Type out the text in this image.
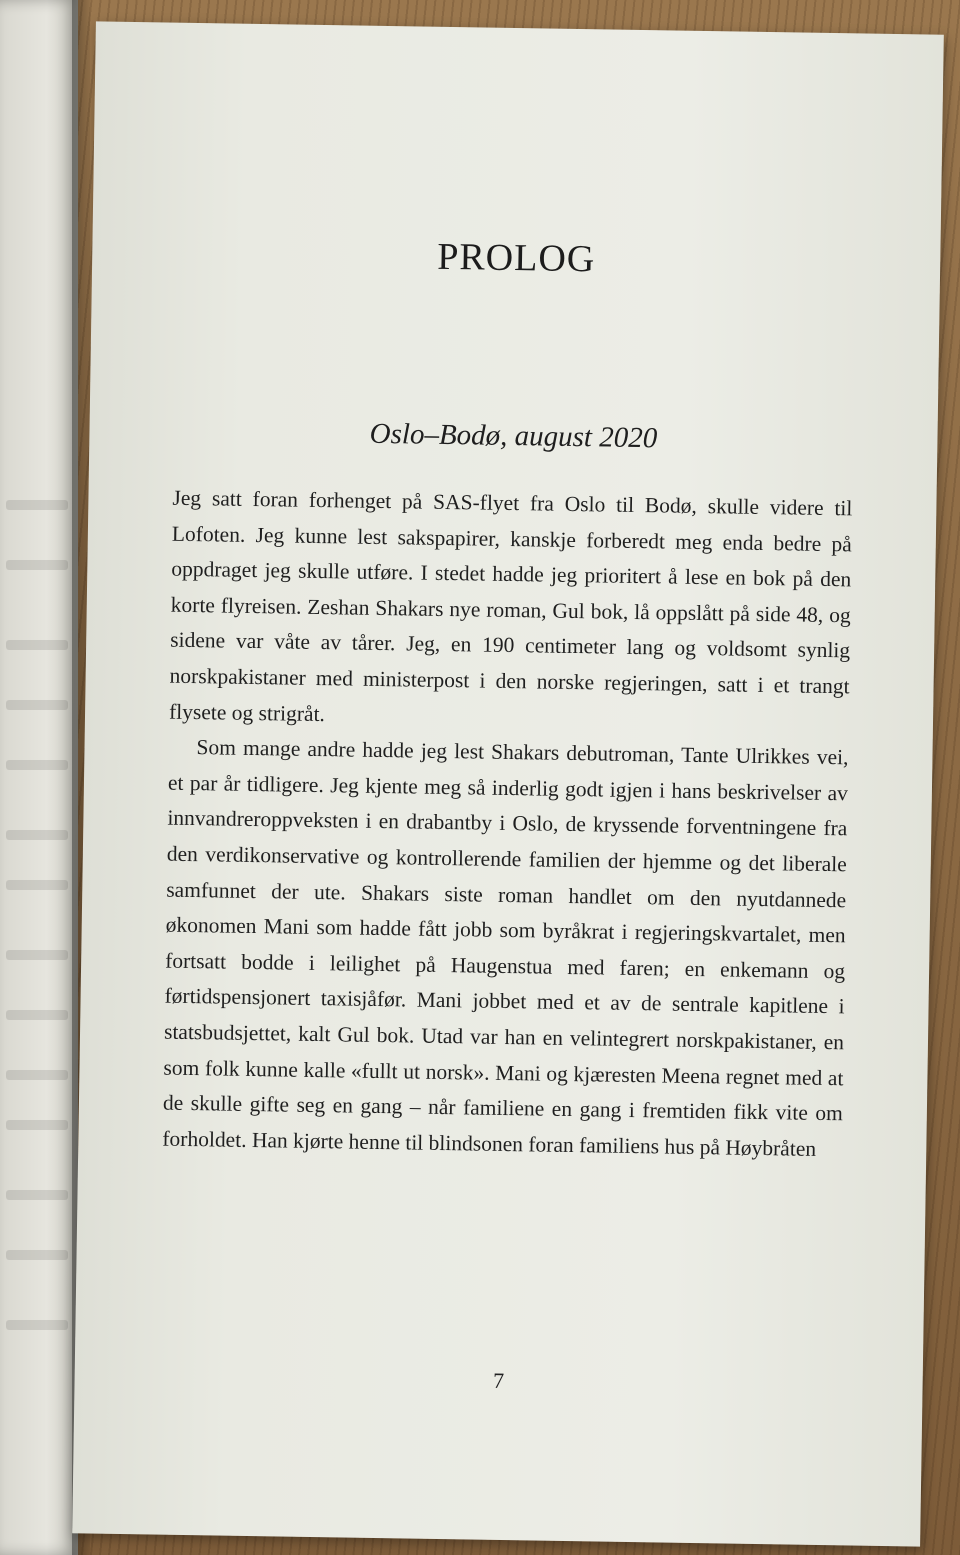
PROLOG
Oslo–Bodø, august 2020

Jeg satt foran forhenget på SAS-flyet fra Oslo til Bodø, skulle videre til Lofoten. Jeg kunne lest sakspapirer, kanskje forberedt meg enda bedre på oppdraget jeg skulle utføre. I stedet hadde jeg prioritert å lese en bok på den korte flyreisen. Zeshan Shakars nye roman, Gul bok, lå oppslått på side 48, og sidene var våte av tårer. Jeg, en 190 centimeter lang og voldsomt synlig norskpakistaner med ministerpost i den norske regjeringen, satt i et trangt flysete og strigråt.

Som mange andre hadde jeg lest Shakars debutroman, Tante Ulrikkes vei, et par år tidligere. Jeg kjente meg så inderlig godt igjen i hans beskrivelser av innvandreroppveksten i en drabantby i Oslo, de kryssende forventningene fra den verdikonservative og kontrollerende familien der hjemme og det liberale samfunnet der ute. Shakars siste roman handlet om den nyutdannede økonomen Mani som hadde fått jobb som byråkrat i regjeringskvartalet, men fortsatt bodde i leilighet på Haugenstua med faren; en enkemann og førtidspensjonert taxisjåfør. Mani jobbet med et av de sentrale kapitlene i statsbudsjettet, kalt Gul bok. Utad var han en velintegrert norskpakistaner, en som folk kunne kalle «fullt ut norsk». Mani og kjæresten Meena regnet med at de skulle gifte seg en gang – når familiene en gang i fremtiden fikk vite om forholdet. Han kjørte henne til blindsonen foran familiens hus på Høybråten

7
